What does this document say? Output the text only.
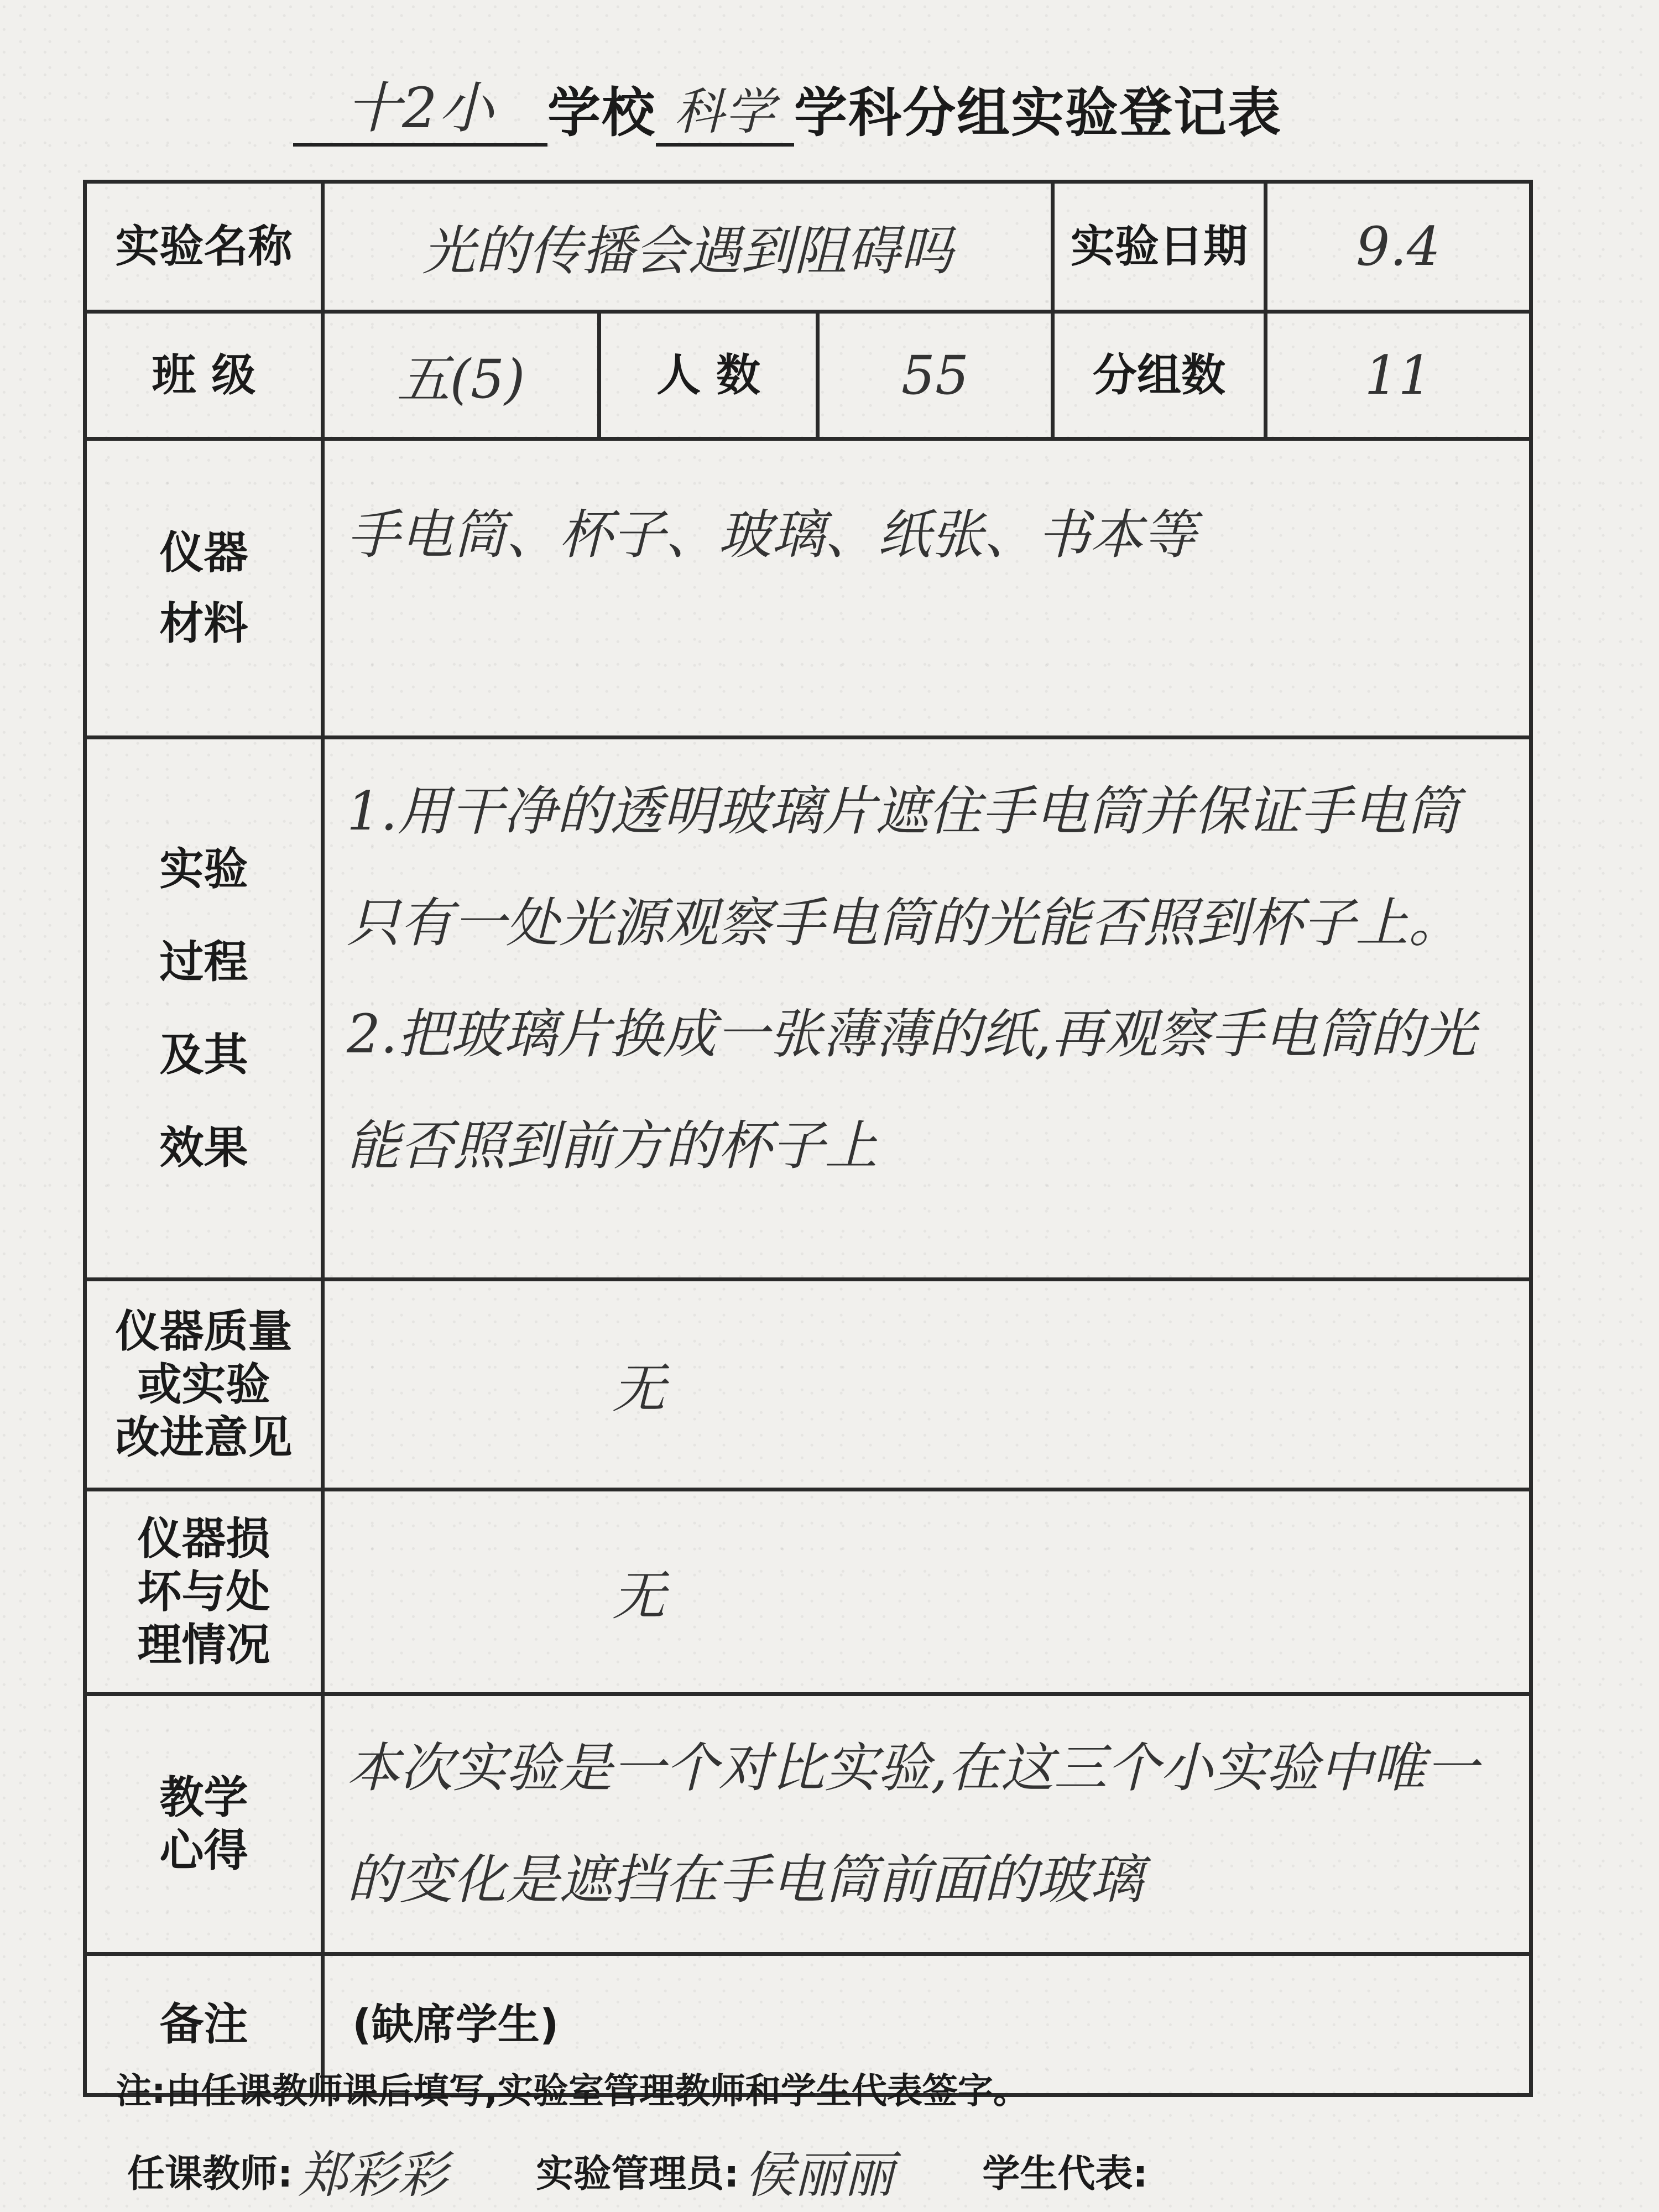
十2小 学校 科学 学科分组实验登记表
实验名称	光的传播会遇到阻碍吗			实验日期	9.4
班 级	五(5)	人 数	55	分组数	11

仪器
材料	手电筒、杯子、玻璃、纸张、书本等				

实验
过程
及其
效果	1.用干净的透明玻璃片遮住手电筒并保证手电筒只有一处光源观察手电筒的光能否照到杯子上。2.把玻璃片换成一张薄薄的纸,再观察手电筒的光能否照到前方的杯子上				

仪器质量
或实验
改进意见	无				

仪器损
坏与处
理情况	无				

教学
心得	本次实验是一个对比实验,在这三个小实验中唯一的变化是遮挡在手电筒前面的玻璃				
备注	(缺席学生)				
注:由任课教师课后填写,实验室管理教师和学生代表签字。
任课教师: 郑彩彩 实验管理员: 侯丽丽 学生代表:
